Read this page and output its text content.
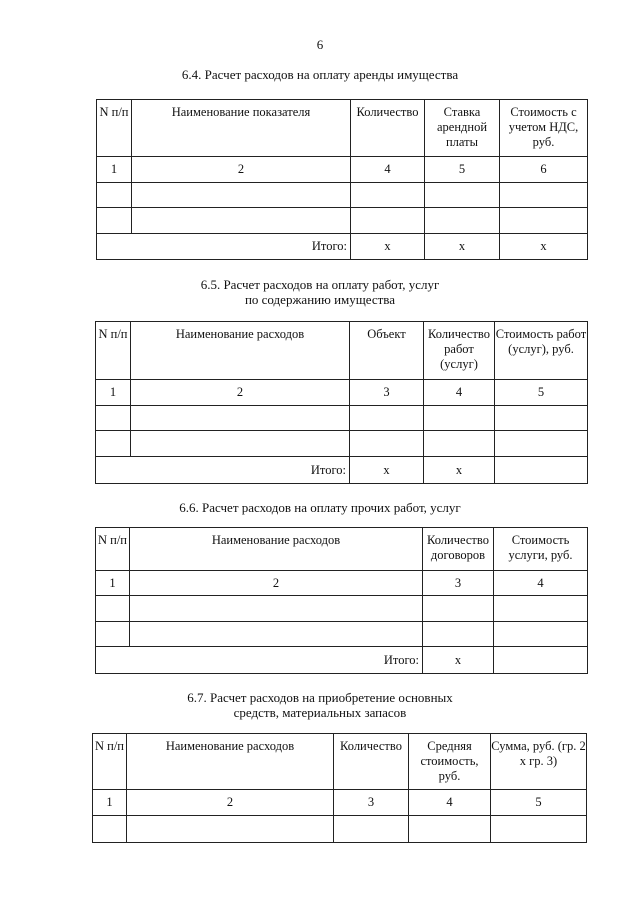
6
6.4. Расчет расходов на оплату аренды имущества
N п/п	Наименование показателя	Количество	Ставка арендной платы	Стоимость с учетом НДС, руб.
1	2	4	5	6

Итого:		x	x	x
6.5. Расчет расходов на оплату работ, услуг
по содержанию имущества
N п/п	Наименование расходов	Объект	Количество работ (услуг)	Стоимость работ (услуг), руб.
1	2	3	4	5

Итого:		x	x	
6.6. Расчет расходов на оплату прочих работ, услуг
N п/п	Наименование расходов	Количество договоров	Стоимость услуги, руб.
1	2	3	4

Итого:		x	
6.7. Расчет расходов на приобретение основных
средств, материальных запасов
N п/п	Наименование расходов	Количество	Средняя стоимость, руб.	Сумма, руб. (гр. 2 x гр. 3)
1	2	3	4	5
